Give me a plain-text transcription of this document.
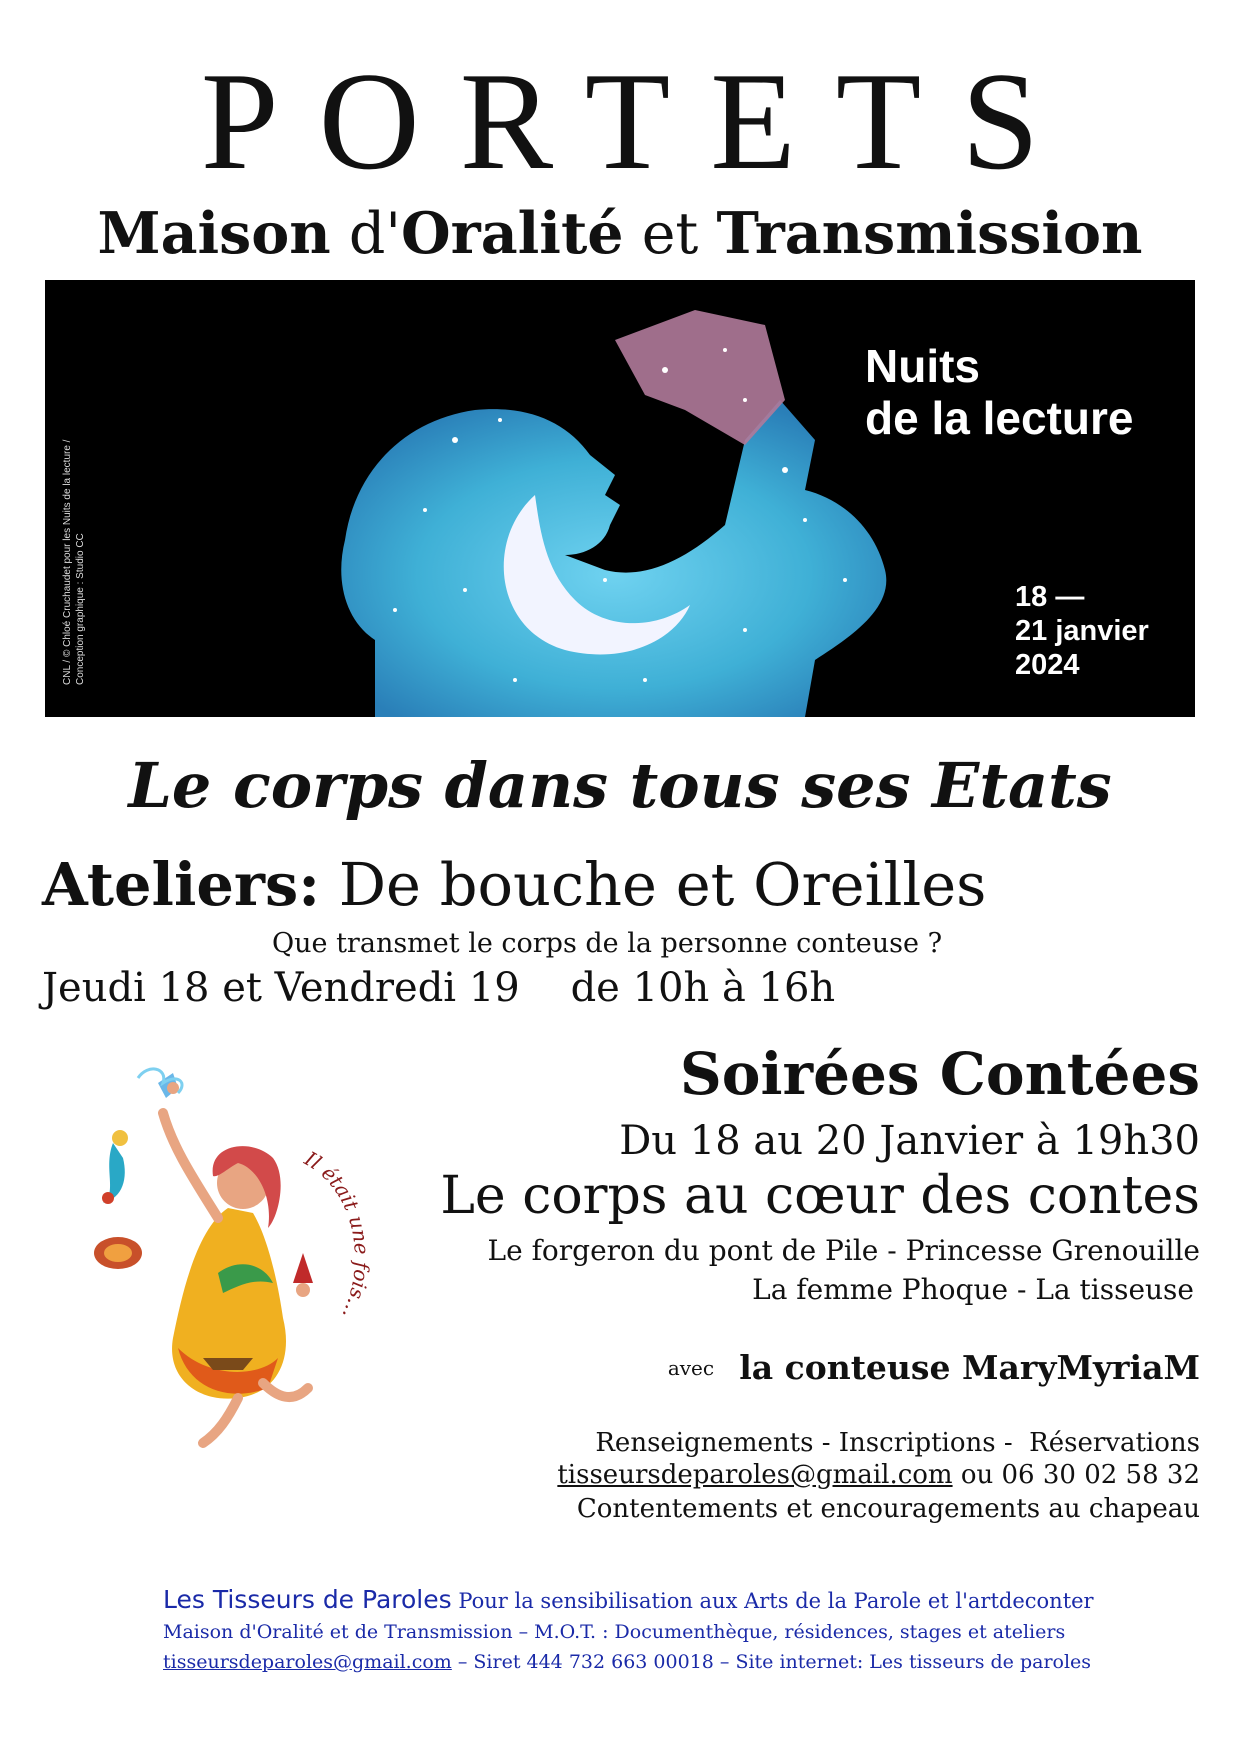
PORTETS
Maison d'Oralité et Transmission
Nuits
de la lecture
18 —
21 janvier
2024
CNL / © Chloé Cruchaudet pour les Nuits de la lecture / Conception graphique : Studio CC
Le corps dans tous ses Etats
Ateliers: De bouche et Oreilles
Que transmet le corps de la personne conteuse ?
Jeudi 18 et Vendredi 19    de 10h à 16h
Soirées Contées
Du 18 au 20 Janvier à 19h30
Le corps au cœur des contes
Le forgeron du pont de Pile - Princesse Grenouille
La femme Phoque - La tisseuse
avec la conteuse MaryMyriaM
Il était une fois…
Renseignements - Inscriptions -  Réservations
tisseursdeparoles@gmail.com ou 06 30 02 58 32
Contentements et encouragements au chapeau
Les Tisseurs de Paroles Pour la sensibilisation aux Arts de la Parole et l'artdeconter
Maison d'Oralité et de Transmission – M.O.T. : Documenthèque, résidences, stages et ateliers
tisseursdeparoles@gmail.com – Siret 444 732 663 00018 – Site internet: Les tisseurs de paroles
